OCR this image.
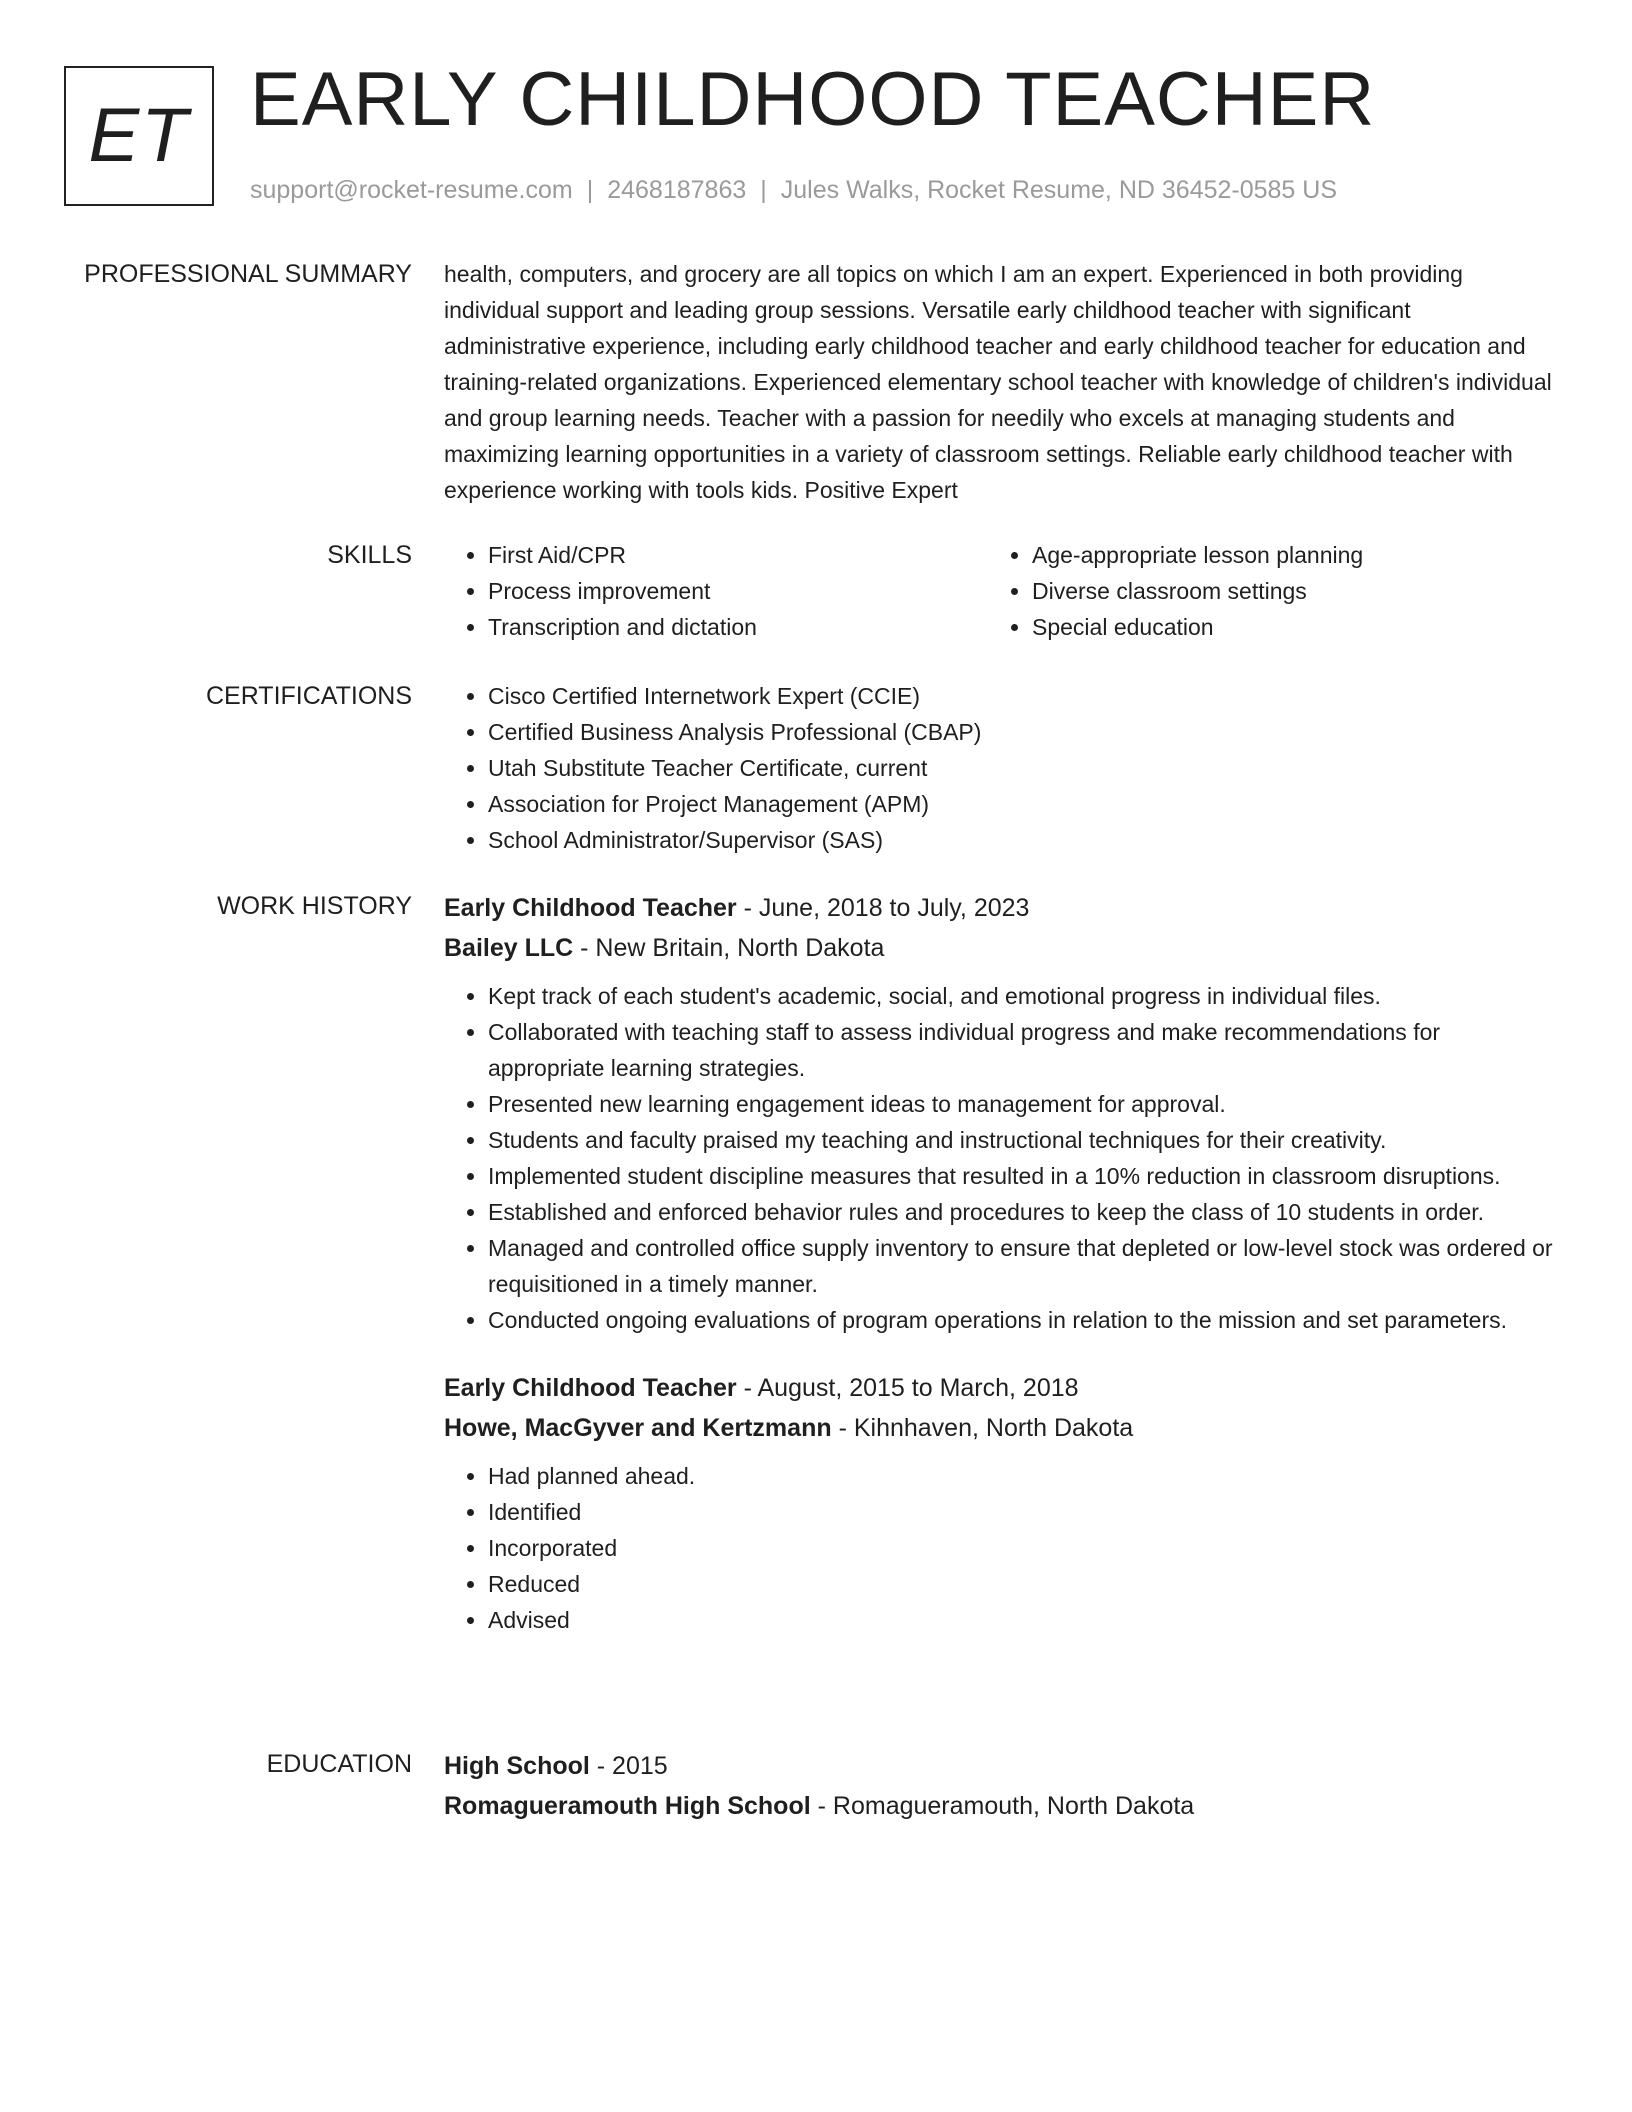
ET EARLY CHILDHOOD TEACHER
support@rocket-resume.com | 2468187863 | Jules Walks, Rocket Resume, ND 36452-0585 US
PROFESSIONAL SUMMARY health, computers, and grocery are all topics on which I am an expert. Experienced in both providing individual support and leading group sessions. Versatile early childhood teacher with significant administrative experience, including early childhood teacher and early childhood teacher for education and training-related organizations. Experienced elementary school teacher with knowledge of children's individual and group learning needs. Teacher with a passion for needily who excels at managing students and maximizing learning opportunities in a variety of classroom settings. Reliable early childhood teacher with experience working with tools kids. Positive Expert

SKILLS	• First Aid/CPR
• Process improvement
• Transcription and dictation
• Age-appropriate lesson planning
• Diverse classroom settings
• Special education
CERTIFICATIONS	• Cisco Certified Internetwork Expert (CCIE)
• Certified Business Analysis Professional (CBAP)
• Utah Substitute Teacher Certificate, current
• Association for Project Management (APM)
• School Administrator/Supervisor (SAS)
WORK HISTORY Early Childhood Teacher - June, 2018 to July, 2023
Bailey LLC - New Britain, North Dakota
• Kept track of each student's academic, social, and emotional progress in individual files.
• Collaborated with teaching staff to assess individual progress and make recommendations for appropriate learning strategies.
• Presented new learning engagement ideas to management for approval.
• Students and faculty praised my teaching and instructional techniques for their creativity.
• Implemented student discipline measures that resulted in a 10% reduction in classroom disruptions.
• Established and enforced behavior rules and procedures to keep the class of 10 students in order.
• Managed and controlled office supply inventory to ensure that depleted or low-level stock was ordered or requisitioned in a timely manner.
• Conducted ongoing evaluations of program operations in relation to the mission and set parameters.
Early Childhood Teacher - August, 2015 to March, 2018
Howe, MacGyver and Kertzmann - Kihnhaven, North Dakota
• Had planned ahead.
• Identified
• Incorporated
• Reduced
• Advised
EDUCATION High School - 2015
Romagueramouth High School - Romagueramouth, North Dakota
